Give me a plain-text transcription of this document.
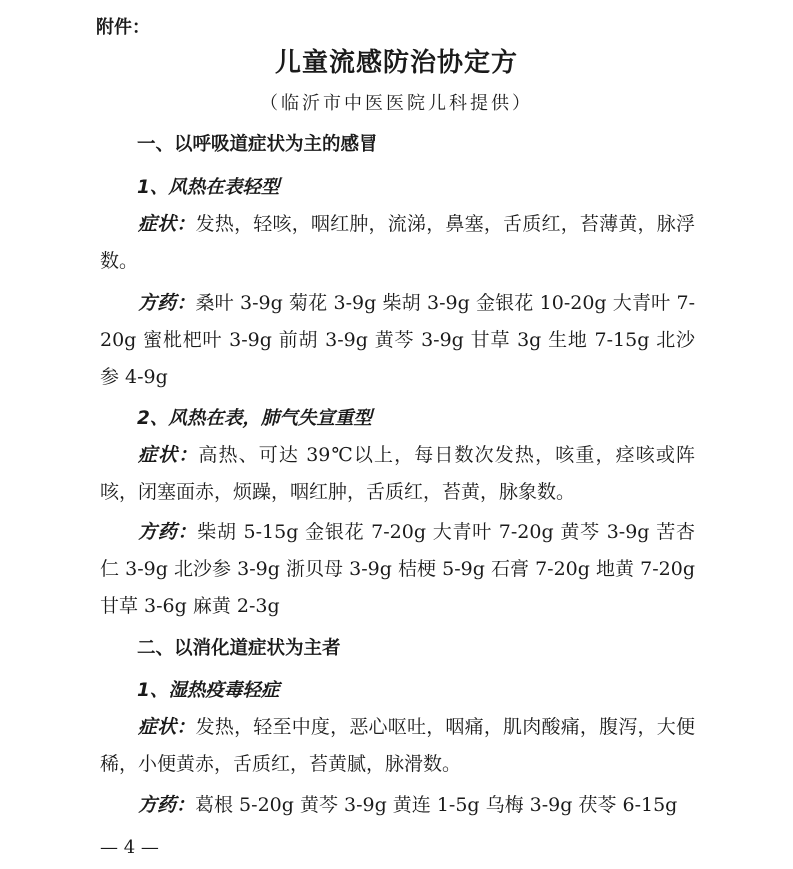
附件：
儿童流感防治协定方
（临沂市中医医院儿科提供）

一、以呼吸道症状为主的感冒

1、风热在表轻型

症状：发热，轻咳，咽红肿，流涕，鼻塞，舌质红，苔薄黄，脉浮数。

方药：桑叶 3-9g 菊花 3-9g 柴胡 3-9g 金银花 10-20g 大青叶 7-20g 蜜枇杷叶 3-9g 前胡 3-9g 黄芩 3-9g 甘草 3g 生地 7-15g 北沙参 4-9g

2、风热在表，肺气失宣重型

症状：高热、可达 39℃以上，每日数次发热，咳重，痉咳或阵咳，闭塞面赤，烦躁，咽红肿，舌质红，苔黄，脉象数。

方药：柴胡 5-15g 金银花 7-20g 大青叶 7-20g 黄芩 3-9g 苦杏仁 3-9g 北沙参 3-9g 浙贝母 3-9g 桔梗 5-9g 石膏 7-20g 地黄 7-20g 甘草 3-6g 麻黄 2-3g

二、以消化道症状为主者

1、湿热疫毒轻症

症状：发热，轻至中度，恶心呕吐，咽痛，肌肉酸痛，腹泻，大便稀，小便黄赤，舌质红，苔黄腻，脉滑数。

方药：葛根 5-20g 黄芩 3-9g 黄连 1-5g 乌梅 3-9g 茯苓 6-15g

— 4 —
